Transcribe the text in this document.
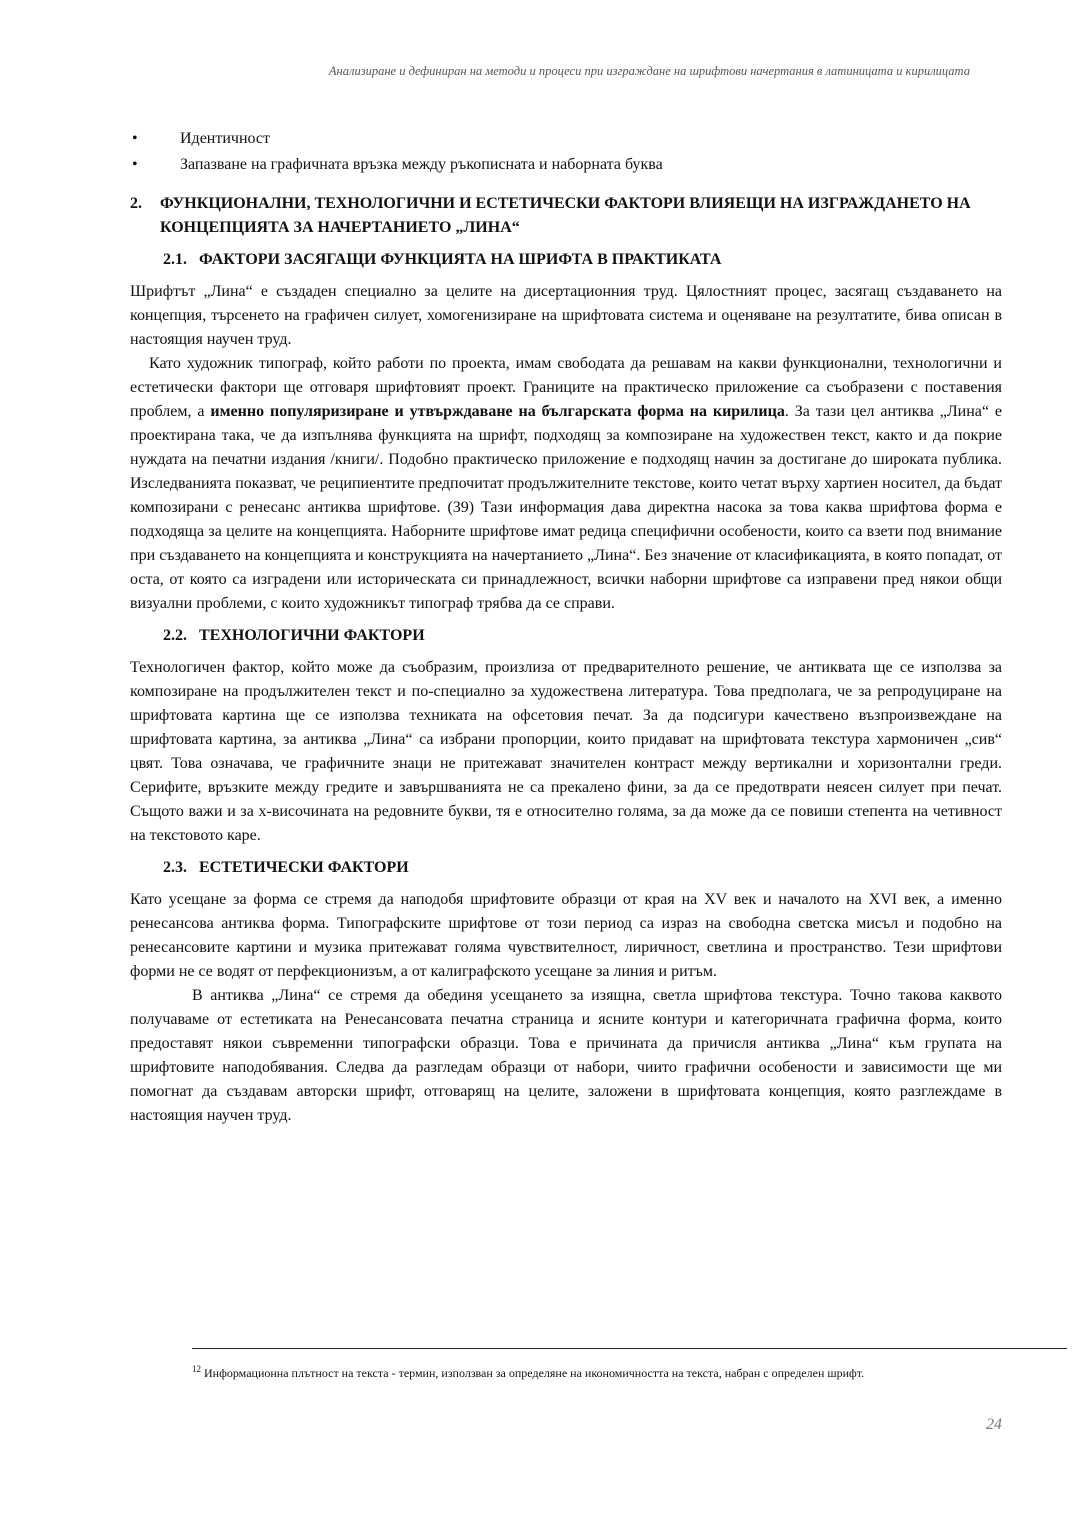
Анализиране и дефиниран на методи и процеси при изграждане на шрифтови начертания в латиницата и кирилицата
•	Идентичност
•	Запазване на графичната връзка между ръкописната и наборната буква
2.	ФУНКЦИОНАЛНИ, ТЕХНОЛОГИЧНИ И ЕСТЕТИЧЕСКИ ФАКТОРИ ВЛИЯЕЩИ НА ИЗГРАЖДАНЕТО НА КОНЦЕПЦИЯТА ЗА НАЧЕРТАНИЕТО „ЛИНА“
2.1. ФАКТОРИ ЗАСЯГАЩИ ФУНКЦИЯТА НА ШРИФТА В ПРАКТИКАТА

Шрифтът „Лина“ е създаден специално за целите на дисертационния труд. Цялостният процес, засягащ създаването на концепция, търсенето на графичен силует, хомогенизиране на шрифтовата система и оценяване на резултатите, бива описан в настоящия научен труд.

Като художник типограф, който работи по проекта, имам свободата да решавам на какви функционални, технологични и естетически фактори ще отговаря шрифтовият проект. Границите на практическо приложение са съобразени с поставения проблем, а именно популяризиране и утвърждаване на българската форма на кирилица. За тази цел антиква „Лина“ е проектирана така, че да изпълнява функцията на шрифт, подходящ за композиране на художествен текст, както и да покрие нуждата на печатни издания /книги/. Подобно практическо приложение е подходящ начин за достигане до широката публика. Изследванията показват, че реципиентите предпочитат продължителните текстове, които четат върху хартиен носител, да бъдат композирани с ренесанс антиква шрифтове. (39) Тази информация дава директна насока за това каква шрифтова форма е подходяща за целите на концепцията. Наборните шрифтове имат редица специфични особености, които са взети под внимание при създаването на концепцията и конструкцията на начертанието „Лина“. Без значение от класификацията, в която попадат, от оста, от която са изградени или историческата си принадлежност, всички наборни шрифтове са изправени пред някои общи визуални проблеми, с които художникът типограф трябва да се справи.

2.2. ТЕХНОЛОГИЧНИ ФАКТОРИ

Технологичен фактор, който може да съобразим, произлиза от предварителното решение, че антиквата ще се използва за композиране на продължителен текст и по-специално за художествена литература. Това предполага, че за репродуциране на шрифтовата картина ще се използва техниката на офсетовия печат. За да подсигури качествено възпроизвеждане на шрифтовата картина, за антиква „Лина“ са избрани пропорции, които придават на шрифтовата текстура хармоничен „сив“ цвят. Това означава, че графичните знаци не притежават значителен контраст между вертикални и хоризонтални греди. Серифите, връзките между гредите и завършванията не са прекалено фини, за да се предотврати неясен силует при печат. Същото важи и за x-височината на редовните букви, тя е относително голяма, за да може да се повиши степента на четивност на текстовото каре.

2.3. ЕСТЕТИЧЕСКИ ФАКТОРИ

Като усещане за форма се стремя да наподобя шрифтовите образци от края на XV век и началото на XVI век, а именно ренесансова антиква форма. Типографските шрифтове от този период са израз на свободна светска мисъл и подобно на ренесансовите картини и музика притежават голяма чувствителност, лиричност, светлина и пространство. Тези шрифтови форми не се водят от перфекционизъм, а от калиграфското усещане за линия и ритъм.

В антиква „Лина“ се стремя да обединя усещането за изящна, светла шрифтова текстура. Точно такова каквото получаваме от естетиката на Ренесансовата печатна страница и ясните контури и категоричната графична форма, които предоставят някои съвременни типографски образци. Това е причината да причисля антиква „Лина“ към групата на шрифтовите наподобявания. Следва да разгледам образци от набори, чиито графични особености и зависимости ще ми помогнат да създавам авторски шрифт, отговарящ на целите, заложени в шрифтовата концепция, която разглеждаме в настоящия научен труд.

$^{12}$ Информационна плътност на текста - термин, използван за определяне на икономичността на текста, набран с определен шрифт.
24
